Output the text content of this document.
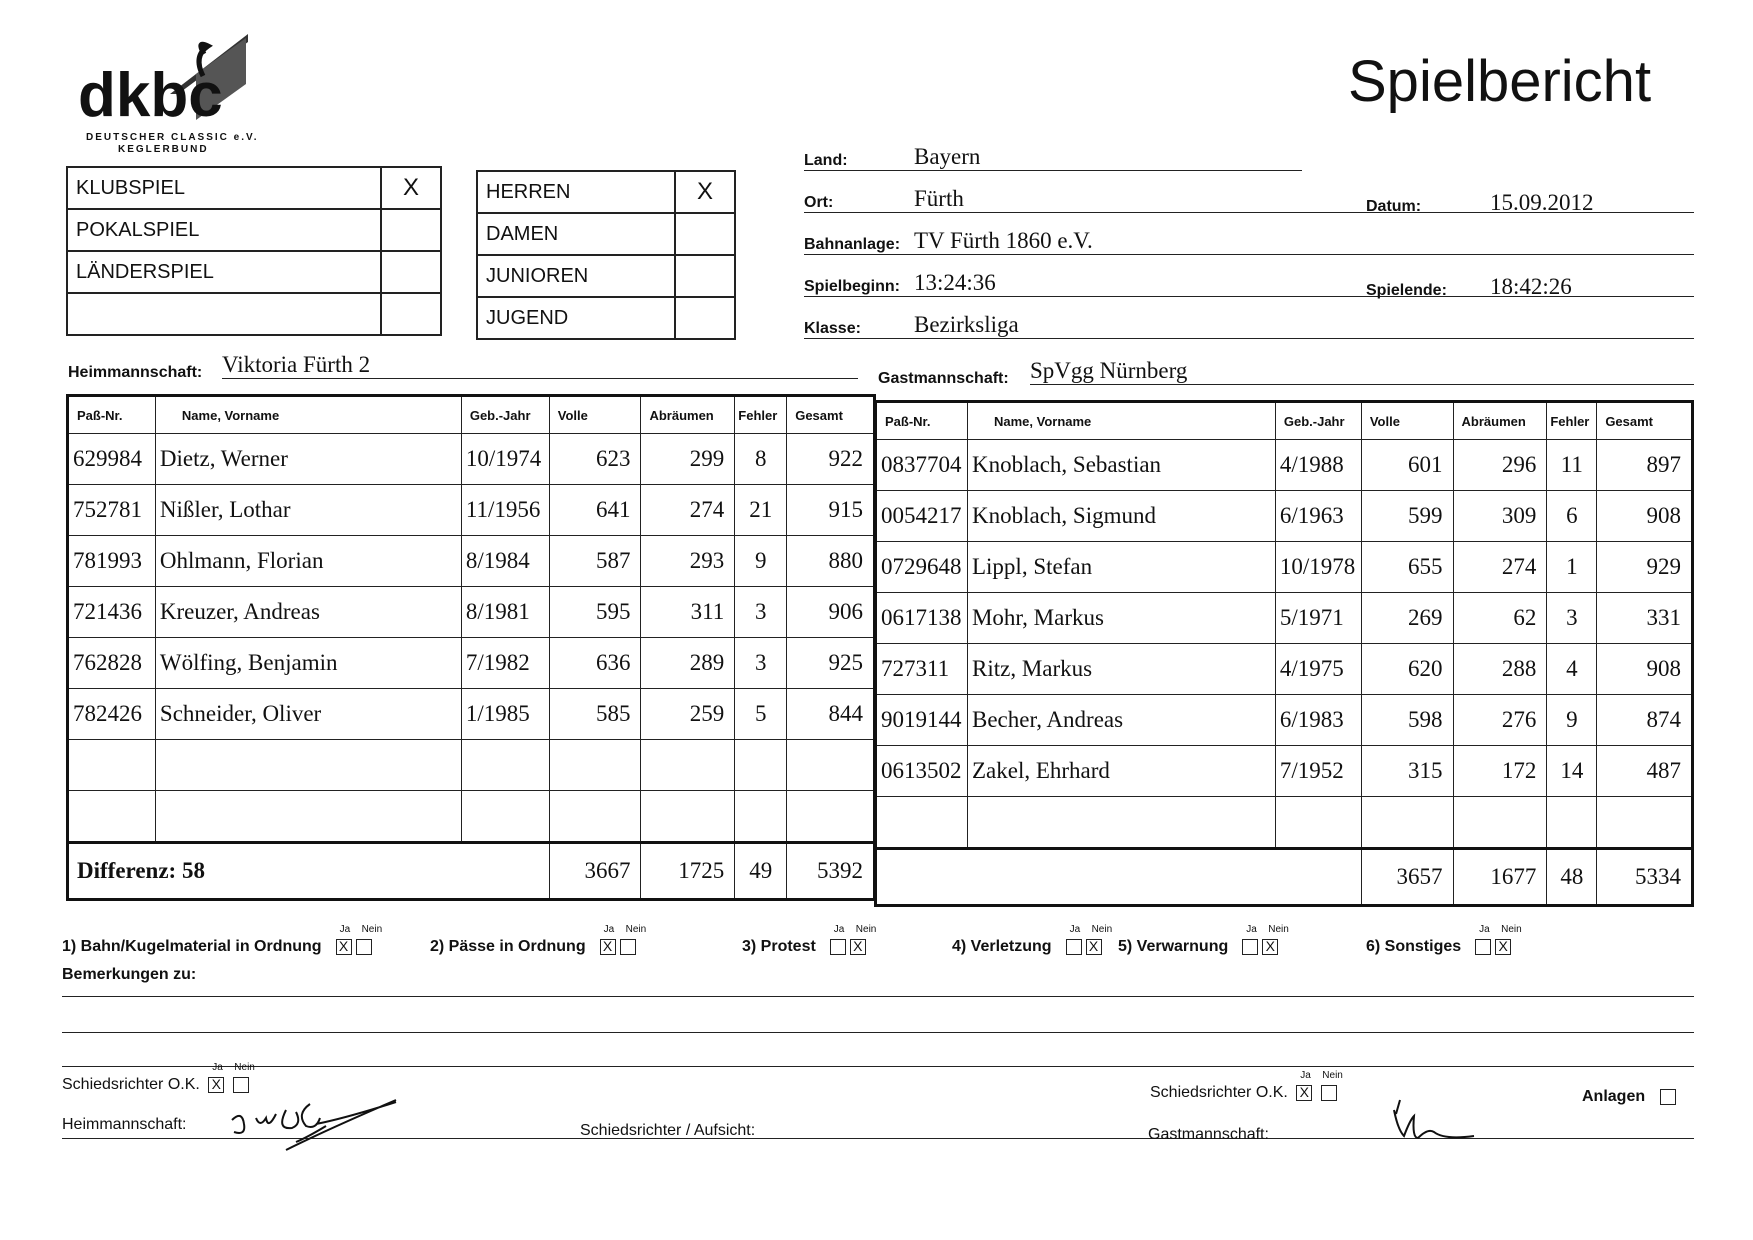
dkbc
DEUTSCHER CLASSIC e.V.
KEGLERBUND
Spielbericht
KLUBSPIEL	X
POKALSPIEL	
LÄNDERSPIEL	

HERREN	X
DAMEN	
JUNIOREN	
JUGEND	
Land:	Bayern
Ort:	Fürth	Datum:	15.09.2012
Bahnanlage: TV Fürth 1860 e.V.
Spielbeginn: 13:24:36	Spielende: 18:42:26
Klasse:	Bezirksliga
Heimmannschaft: Viktoria Fürth 2
Gastmannschaft: SpVgg Nürnberg
Paß-Nr.	Name, Vorname	Geb.-Jahr	Volle	Abräumen	Fehler	Gesamt
629984	Dietz, Werner	10/1974	623	299	8	922
752781	Nißler, Lothar	11/1956	641	274	21	915
781993	Ohlmann, Florian	8/1984	587	293	9	880
721436	Kreuzer, Andreas	8/1981	595	311	3	906
762828	Wölfing, Benjamin	7/1982	636	289	3	925
782426	Schneider, Oliver	1/1985	585	259	5	844

Differenz: 58			3667	1725	49	5392
Paß-Nr.	Name, Vorname	Geb.-Jahr	Volle	Abräumen	Fehler	Gesamt
0837704	Knoblach, Sebastian	4/1988	601	296	11	897
0054217	Knoblach, Sigmund	6/1963	599	309	6	908
0729648	Lippl, Stefan	10/1978	655	274	1	929
0617138	Mohr, Markus	5/1971	269	62	3	331
727311	Ritz, Markus	4/1975	620	288	4	908
9019144	Becher, Andreas	6/1983	598	276	9	874
0613502	Zakel, Ehrhard	7/1952	315	172	14	487

			3657	1677	48	5334
1) Bahn/Kugelmaterial in Ordnung
Ja Nein
X	2) Pässe in Ordnung
Ja Nein
X	3) Protest
Ja Nein
X	4) Verletzung
Ja Nein
X	5) Verwarnung
Ja Nein
X	6) Sonstiges
Ja Nein
X
Bemerkungen zu:
Schiedsrichter O.K.
Ja Nein
X
Schiedsrichter O.K.
Ja Nein
X	Anlagen
Heimmannschaft:	Schiedsrichter / Aufsicht:	Gastmannschaft:
